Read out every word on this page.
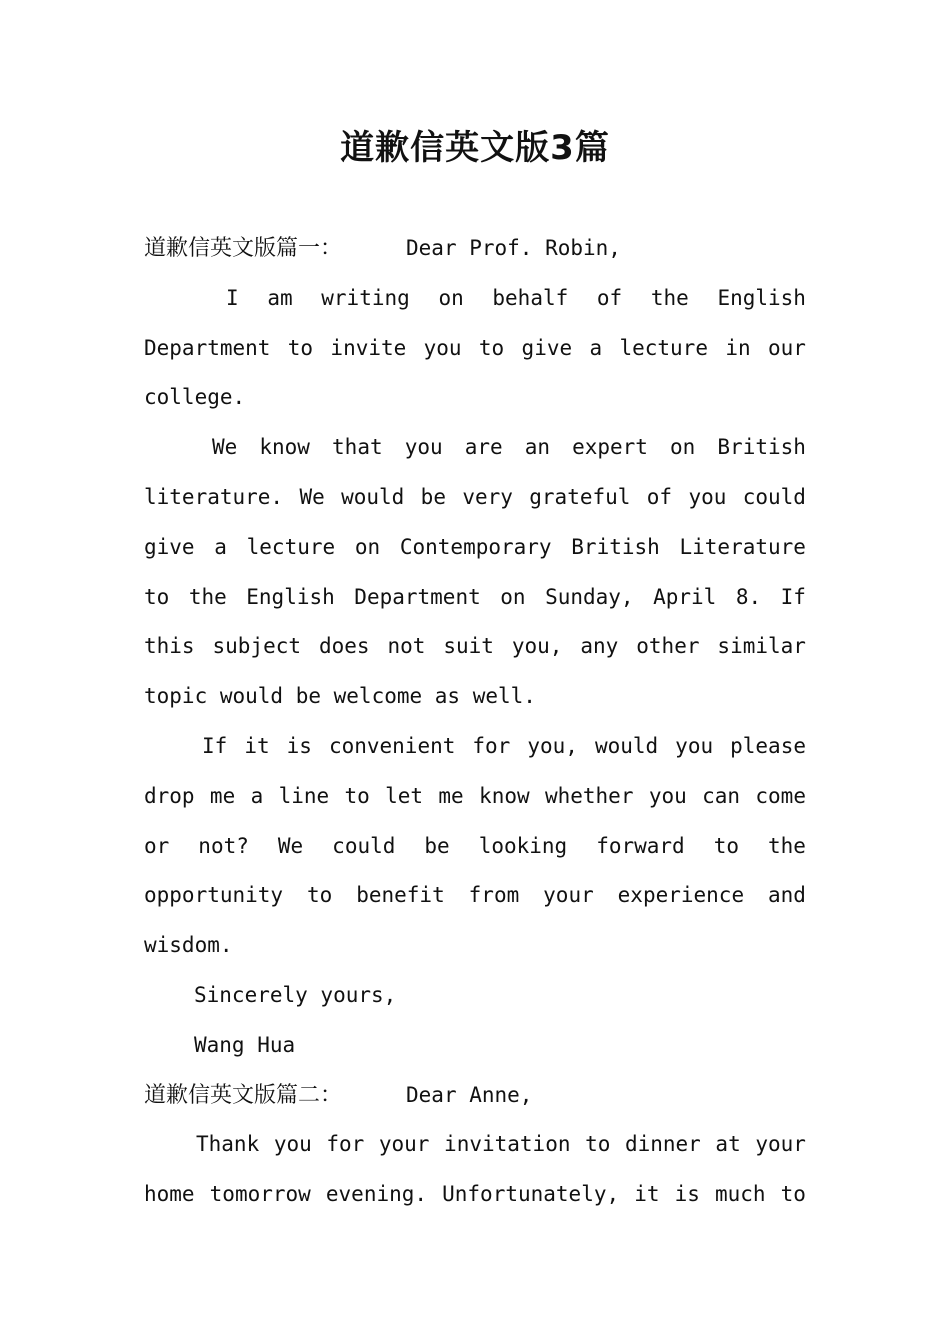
道歉信英文版3篇
道歉信英文版篇一：	Dear Prof. Robin,
I am writing on behalf of the English
Department to invite you to give a lecture in our
college.
We know that you are an expert on British
literature. We would be very grateful of you could
give a lecture on Contemporary British Literature
to the English Department on Sunday, April 8. If
this subject does not suit you, any other similar
topic would be welcome as well.
If it is convenient for you, would you please
drop me a line to let me know whether you can come
or not? We could be looking forward to the
opportunity to benefit from your experience and
wisdom.
Sincerely yours,
Wang Hua
道歉信英文版篇二：	Dear Anne,
Thank you for your invitation to dinner at your
home tomorrow evening. Unfortunately, it is much to
